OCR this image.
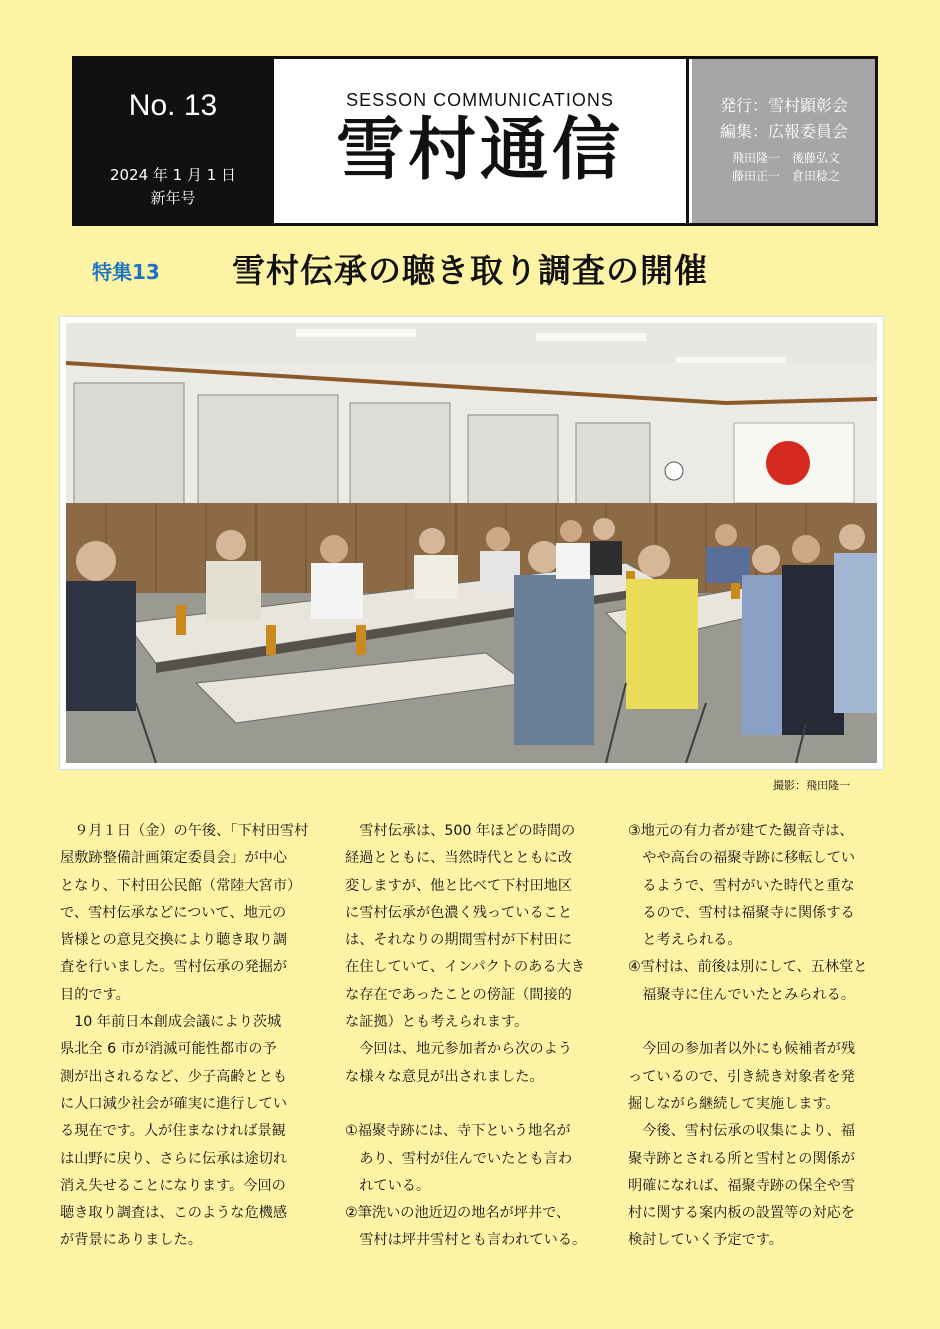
No. 13
2024 年 1 月 1 日
新年号
SESSON COMMUNICATIONS
雪村通信
発行：雪村顕彰会
編集：広報委員会
飛田隆一　後藤弘文
藤田正一　倉田稔之
特集13 雪村伝承の聴き取り調査の開催
撮影：飛田隆一

　９月１日（金）の午後、「下村田雪村

屋敷跡整備計画策定委員会」が中心

となり、下村田公民館（常陸大宮市）

で、雪村伝承などについて、地元の

皆様との意見交換により聴き取り調

査を行いました。雪村伝承の発掘が

目的です。

　10 年前日本創成会議により茨城

県北全 6 市が消滅可能性都市の予

測が出されるなど、少子高齢ととも

に人口減少社会が確実に進行してい

る現在です。人が住まなければ景観

は山野に戻り、さらに伝承は途切れ

消え失せることになります。今回の

聴き取り調査は、このような危機感

が背景にありました。

　雪村伝承は、500 年ほどの時間の

経過とともに、当然時代とともに改

変しますが、他と比べて下村田地区

に雪村伝承が色濃く残っていること

は、それなりの期間雪村が下村田に

在住していて、インパクトのある大き

な存在であったことの傍証（間接的

な証拠）とも考えられます。

　今回は、地元参加者から次のよう

な様々な意見が出されました。

①福聚寺跡には、寺下という地名が

　あり、雪村が住んでいたとも言わ

　れている。

②筆洗いの池近辺の地名が坪井で、

　雪村は坪井雪村とも言われている。

③地元の有力者が建てた観音寺は、

　やや高台の福聚寺跡に移転してい

　るようで、雪村がいた時代と重な

　るので、雪村は福聚寺に関係する

　と考えられる。

④雪村は、前後は別にして、五林堂と

　福聚寺に住んでいたとみられる。

　今回の参加者以外にも候補者が残

っているので、引き続き対象者を発

掘しながら継続して実施します。

　今後、雪村伝承の収集により、福

聚寺跡とされる所と雪村との関係が

明確になれば、福聚寺跡の保全や雪

村に関する案内板の設置等の対応を

検討していく予定です。
